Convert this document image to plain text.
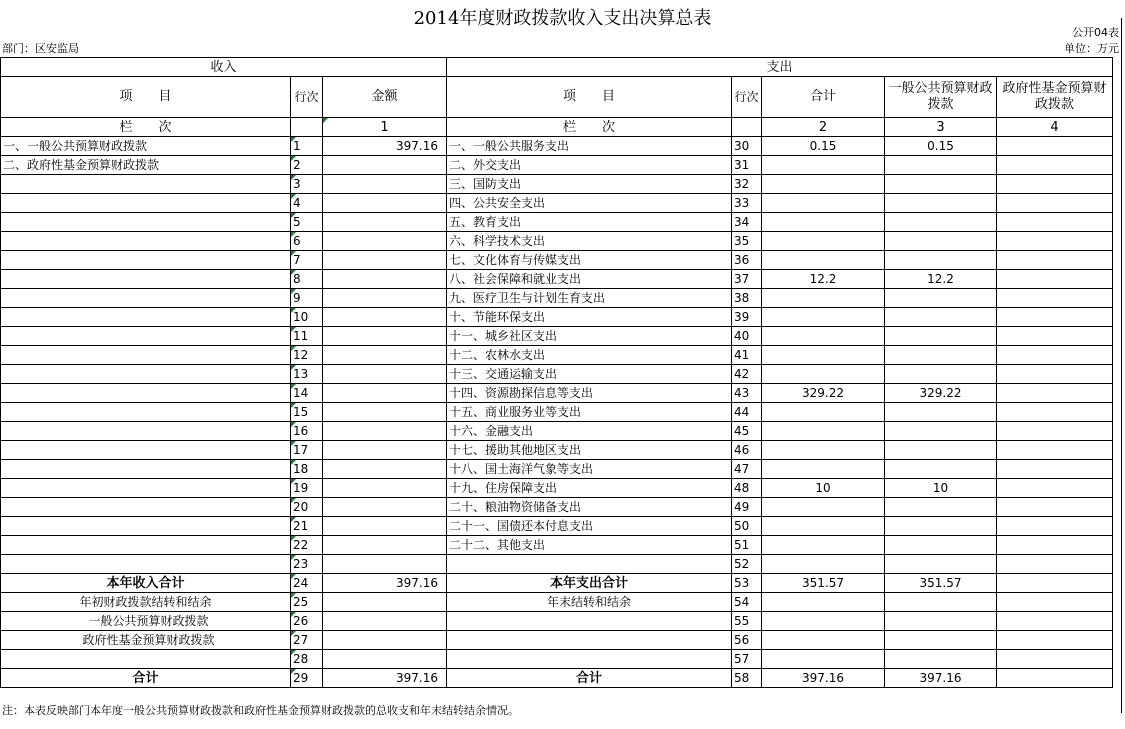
2014年度财政拨款收入支出决算总表
公开04表
部门：区安监局	单位：万元
收入			支出				
项　　目	行次	金额	项　　目	行次	合计	一般公共预算财政拨款	政府性基金预算财政拨款
栏　　次		1	栏　　次		2	3	4
一、一般公共预算财政拨款	1	397.16	一、一般公共服务支出	30	0.15	0.15	
二、政府性基金预算财政拨款	2		二、外交支出	31			
	3		三、国防支出	32			
	4		四、公共安全支出	33			
	5		五、教育支出	34			
	6		六、科学技术支出	35			
	7		七、文化体育与传媒支出	36			
	8		八、社会保障和就业支出	37	12.2	12.2	
	9		九、医疗卫生与计划生育支出	38			
	10		十、节能环保支出	39			
	11		十一、城乡社区支出	40			
	12		十二、农林水支出	41			
	13		十三、交通运输支出	42			
	14		十四、资源勘探信息等支出	43	329.22	329.22	
	15		十五、商业服务业等支出	44			
	16		十六、金融支出	45			
	17		十七、援助其他地区支出	46			
	18		十八、国土海洋气象等支出	47			
	19		十九、住房保障支出	48	10	10	
	20		二十、粮油物资储备支出	49			
	21		二十一、国债还本付息支出	50			
	22		二十二、其他支出	51			
	23			52			
本年收入合计	24	397.16	本年支出合计	53	351.57	351.57	
年初财政拨款结转和结余	25		年末结转和结余	54			
一般公共预算财政拨款	26			55			
政府性基金预算财政拨款	27			56			
	28			57			
合计	29	397.16	合计	58	397.16	397.16	
注：本表反映部门本年度一般公共预算财政拨款和政府性基金预算财政拨款的总收支和年末结转结余情况。
